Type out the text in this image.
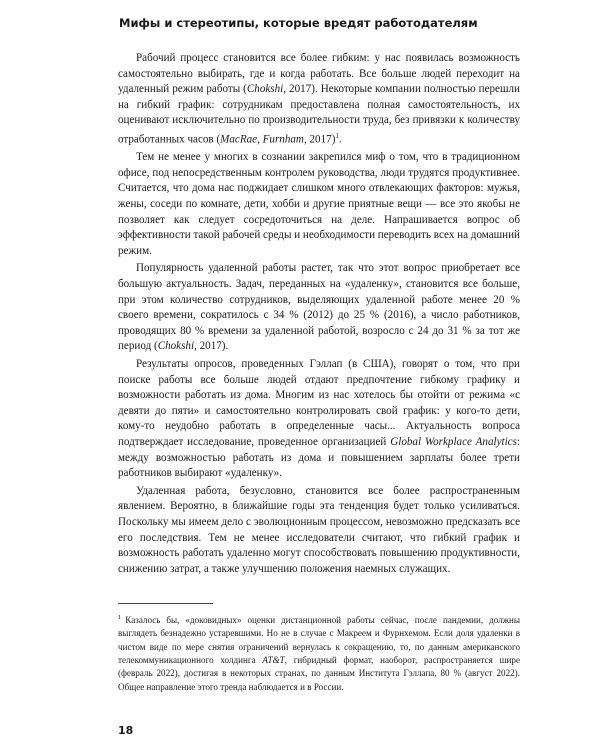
Мифы и стереотипы, которые вредят работодателям

Рабочий процесс становится все более гибким: у нас появилась возможность самостоятельно выбирать, где и когда работать. Все больше людей переходит на удаленный режим работы (Chokshi, 2017). Некоторые компании полностью перешли на гибкий график: сотрудникам предоставлена полная самостоятельность, их оценивают исключительно по производительности труда, без привязки к количеству отработанных часов (MacRae, Furnham, 2017)$^1$.

Тем не менее у многих в сознании закрепился миф о том, что в традиционном офисе, под непосредственным контролем руководства, люди трудятся продуктивнее. Считается, что дома нас поджидает слишком много отвлекающих факторов: мужья, жены, соседи по комнате, дети, хобби и другие приятные вещи — все это якобы не позволяет как следует сосредоточиться на деле. Напрашивается вопрос об эффективности такой рабочей среды и необходимости переводить всех на домашний режим.

Популярность удаленной работы растет, так что этот вопрос приобретает все большую актуальность. Задач, переданных на «удаленку», становится все больше, при этом количество сотрудников, выделяющих удаленной работе менее 20 % своего времени, сократилось с 34 % (2012) до 25 % (2016), а число работников, проводящих 80 % времени за удаленной работой, возросло с 24 до 31 % за тот же период (Chokshi, 2017).

Результаты опросов, проведенных Гэллап (в США), говорят о том, что при поиске работы все больше людей отдают предпочтение гибкому графику и возможности работать из дома. Многим из нас хотелось бы отойти от режима «с девяти до пяти» и самостоятельно контролировать свой график: у кого-то дети, кому-то неудобно работать в определенные часы... Актуальность вопроса подтверждает исследование, проведенное организацией Global Workplace Analytics: между возможностью работать из дома и повышением зарплаты более трети работников выбирают «удаленку».

Удаленная работа, безусловно, становится все более распространенным явлением. Вероятно, в ближайшие годы эта тенденция будет только усиливаться. Поскольку мы имеем дело с эволюционным процессом, невозможно предсказать все его последствия. Тем не менее исследователи считают, что гибкий график и возможность работать удаленно могут способствовать повышению продуктивности, снижению затрат, а также улучшению положения наемных служащих.

$^1$ Казалось бы, «доковидных» оценки дистанционной работы сейчас, после пандемии, должны выглядеть безнадежно устаревшими. Но не в случае с Макреем и Фурнхемом. Если доля удаленки в чистом виде по мере снятия ограничений вернулась к сокращению, то, по данным американского телекоммуникационного холдинга AT&T, гибридный формат, наоборот, распространяется шире (февраль 2022), достигая в некоторых странах, по данным Института Гэллапа, 80 % (август 2022). Общее направление этого тренда наблюдается и в России.

18
